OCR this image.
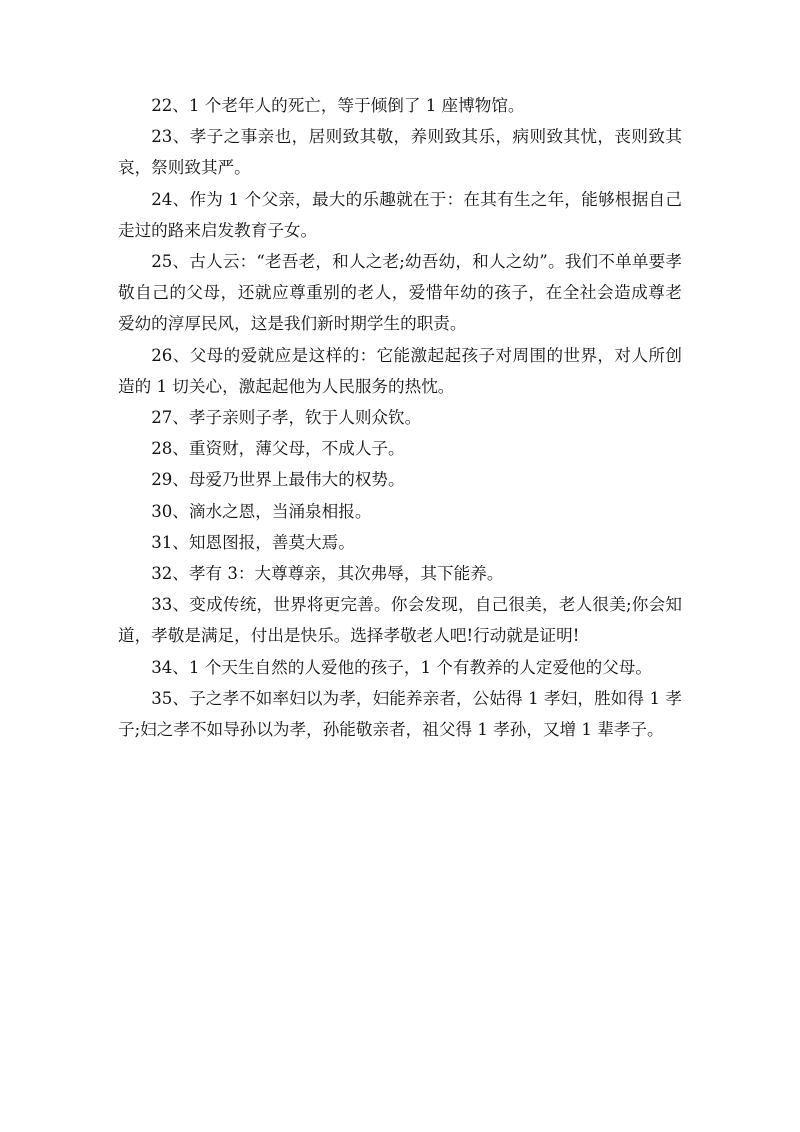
22、1 个老年人的死亡，等于倾倒了 1 座博物馆。

23、孝子之事亲也，居则致其敬，养则致其乐，病则致其忧，丧则致其哀，祭则致其严。

24、作为 1 个父亲，最大的乐趣就在于：在其有生之年，能够根据自己走过的路来启发教育子女。

25、古人云：“老吾老，和人之老;幼吾幼，和人之幼”。我们不单单要孝敬自己的父母，还就应尊重别的老人，爱惜年幼的孩子，在全社会造成尊老爱幼的淳厚民风，这是我们新时期学生的职责。

26、父母的爱就应是这样的：它能激起起孩子对周围的世界，对人所创造的 1 切关心，激起起他为人民服务的热忱。

27、孝子亲则子孝，钦于人则众钦。

28、重资财，薄父母，不成人子。

29、母爱乃世界上最伟大的权势。

30、滴水之恩，当涌泉相报。

31、知恩图报，善莫大焉。

32、孝有 3：大尊尊亲，其次弗辱，其下能养。

33、变成传统，世界将更完善。你会发现，自己很美，老人很美;你会知道，孝敬是满足，付出是快乐。选择孝敬老人吧!行动就是证明!

34、1 个天生自然的人爱他的孩子，1 个有教养的人定爱他的父母。

35、子之孝不如率妇以为孝，妇能养亲者，公姑得 1 孝妇，胜如得 1 孝子;妇之孝不如导孙以为孝，孙能敬亲者，祖父得 1 孝孙，又增 1 辈孝子。
